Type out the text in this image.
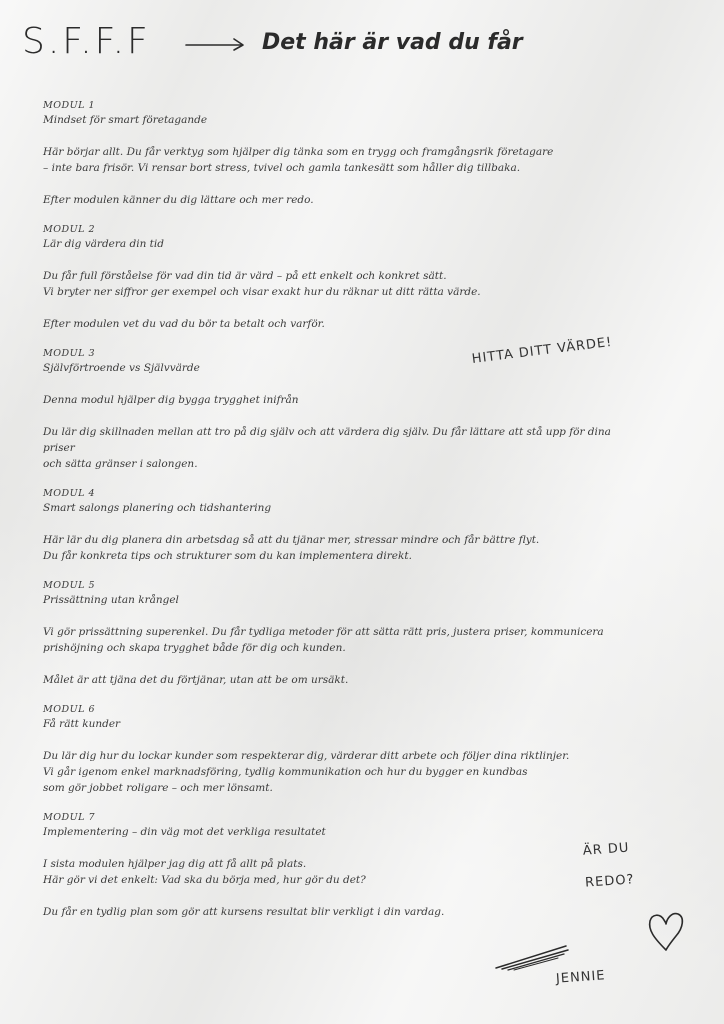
S.F.F.F	Det här är vad du får
MODUL 1
Mindset för smart företagande

Här börjar allt. Du får verktyg som hjälper dig tänka som en trygg och framgångsrik företagare
– inte bara frisör. Vi rensar bort stress, tvivel och gamla tankesätt som håller dig tillbaka.

Efter modulen känner du dig lättare och mer redo.

MODUL 2
Lär dig värdera din tid

Du får full förståelse för vad din tid är värd – på ett enkelt och konkret sätt.
Vi bryter ner siffror ger exempel och visar exakt hur du räknar ut ditt rätta värde.

Efter modulen vet du vad du bör ta betalt och varför.

MODUL 3
Självförtroende vs Självvärde

Denna modul hjälper dig bygga trygghet inifrån

Du lär dig skillnaden mellan att tro på dig själv och att värdera dig själv. Du får lättare att stå upp för dina priser
och sätta gränser i salongen.

MODUL 4
Smart salongs planering och tidshantering

Här lär du dig planera din arbetsdag så att du tjänar mer, stressar mindre och får bättre flyt.
Du får konkreta tips och strukturer som du kan implementera direkt.

MODUL 5
Prissättning utan krångel

Vi gör prissättning superenkel. Du får tydliga metoder för att sätta rätt pris, justera priser, kommunicera
prishöjning och skapa trygghet både för dig och kunden.

Målet är att tjäna det du förtjänar, utan att be om ursäkt.

MODUL 6
Få rätt kunder

Du lär dig hur du lockar kunder som respekterar dig, värderar ditt arbete och följer dina riktlinjer.
Vi går igenom enkel marknadsföring, tydlig kommunikation och hur du bygger en kundbas
som gör jobbet roligare – och mer lönsamt.

MODUL 7
Implementering – din väg mot det verkliga resultatet

I sista modulen hjälper jag dig att få allt på plats.
Här gör vi det enkelt: Vad ska du börja med, hur gör du det?

Du får en tydlig plan som gör att kursens resultat blir verkligt i din vardag.

HITTA DITT VÄRDE!
ÄR DU
REDO?
JENNIE
